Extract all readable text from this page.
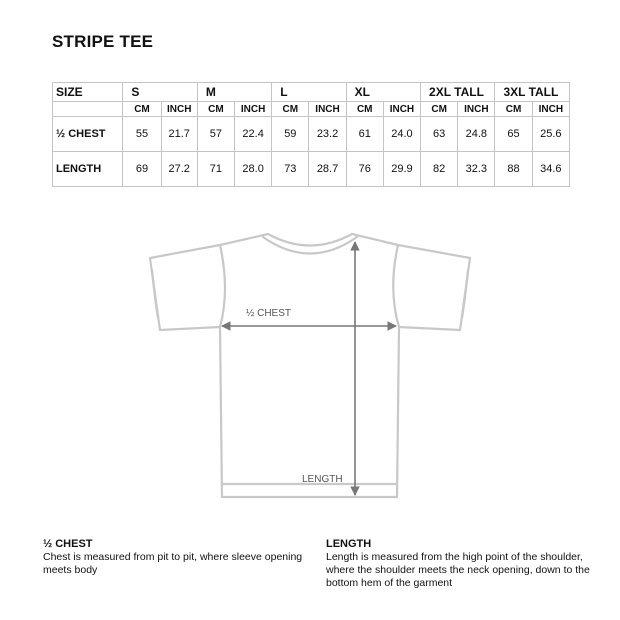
STRIPE TEE
SIZE	S		M		L		XL		2XL TALL		3XL TALL	
	CM	INCH	CM	INCH	CM	INCH	CM	INCH	CM	INCH	CM	INCH
½ CHEST	55	21.7	57	22.4	59	23.2	61	24.0	63	24.8	65	25.6
LENGTH	69	27.2	71	28.0	73	28.7	76	29.9	82	32.3	88	34.6
½ CHEST
LENGTH
½ CHEST
Chest is measured from pit to pit, where sleeve opening meets body
LENGTH
Length is measured from the high point of the shoulder, where the shoulder meets the neck opening, down to the bottom hem of the garment
